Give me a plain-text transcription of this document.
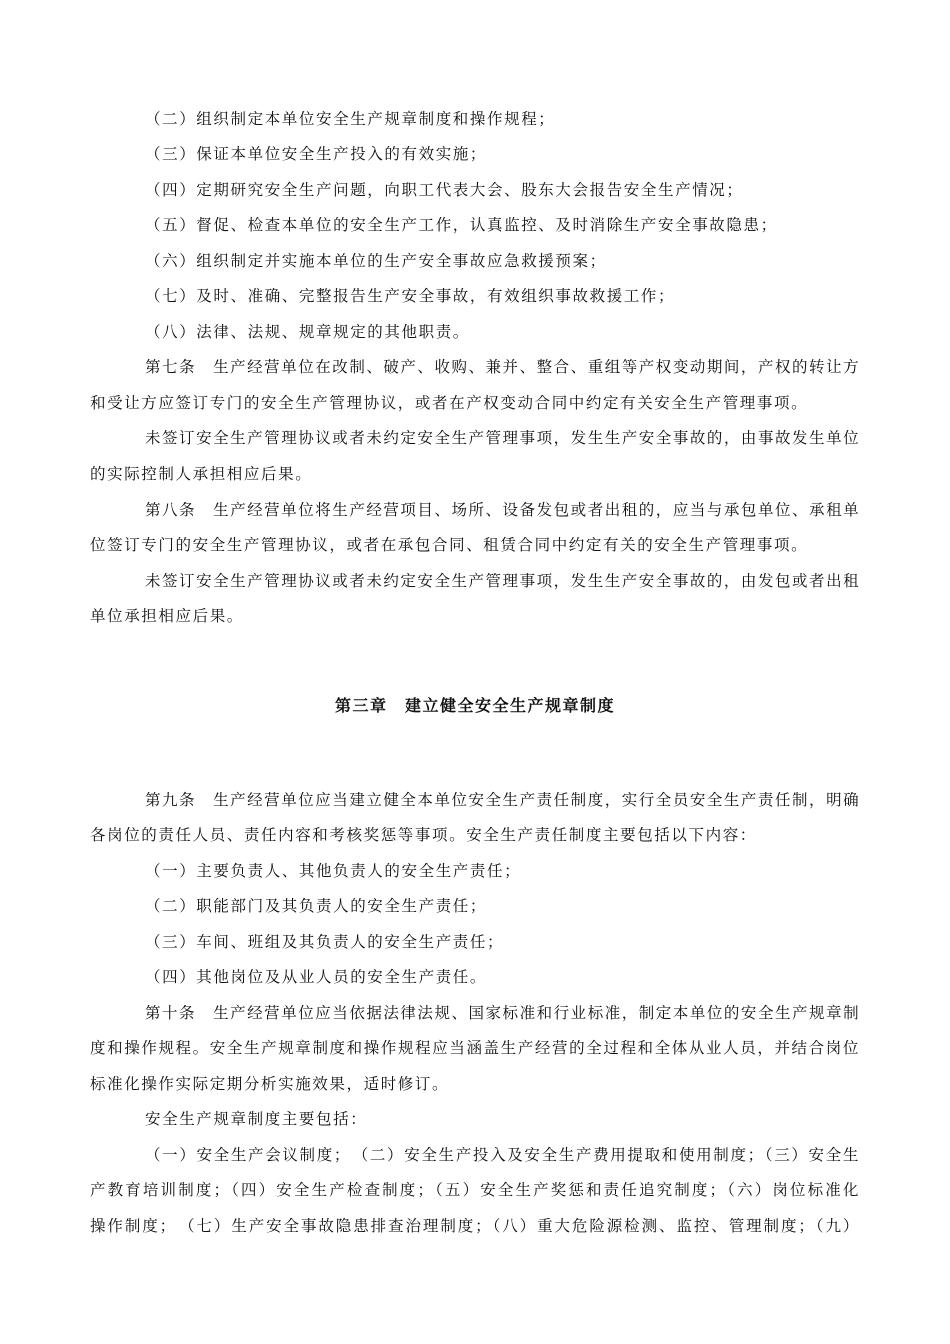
（二）组织制定本单位安全生产规章制度和操作规程；
（三）保证本单位安全生产投入的有效实施；
（四）定期研究安全生产问题，向职工代表大会、股东大会报告安全生产情况；
（五）督促、检查本单位的安全生产工作，认真监控、及时消除生产安全事故隐患；
（六）组织制定并实施本单位的生产安全事故应急救援预案；
（七）及时、准确、完整报告生产安全事故，有效组织事故救援工作；
（八）法律、法规、规章规定的其他职责。
第七条　生产经营单位在改制、破产、收购、兼并、整合、重组等产权变动期间，产权的转让方
和受让方应签订专门的安全生产管理协议，或者在产权变动合同中约定有关安全生产管理事项。
未签订安全生产管理协议或者未约定安全生产管理事项，发生生产安全事故的，由事故发生单位
的实际控制人承担相应后果。
第八条　生产经营单位将生产经营项目、场所、设备发包或者出租的，应当与承包单位、承租单
位签订专门的安全生产管理协议，或者在承包合同、租赁合同中约定有关的安全生产管理事项。
未签订安全生产管理协议或者未约定安全生产管理事项，发生生产安全事故的，由发包或者出租
单位承担相应后果。
第三章　建立健全安全生产规章制度
第九条　生产经营单位应当建立健全本单位安全生产责任制度，实行全员安全生产责任制，明确
各岗位的责任人员、责任内容和考核奖惩等事项。安全生产责任制度主要包括以下内容：
（一）主要负责人、其他负责人的安全生产责任；
（二）职能部门及其负责人的安全生产责任；
（三）车间、班组及其负责人的安全生产责任；
（四）其他岗位及从业人员的安全生产责任。
第十条　生产经营单位应当依据法律法规、国家标准和行业标准，制定本单位的安全生产规章制
度和操作规程。安全生产规章制度和操作规程应当涵盖生产经营的全过程和全体从业人员，并结合岗位
标准化操作实际定期分析实施效果，适时修订。
安全生产规章制度主要包括：
（一）安全生产会议制度；　（二）安全生产投入及安全生产费用提取和使用制度；（三）安全生
产教育培训制度；（四）安全生产检查制度；（五）安全生产奖惩和责任追究制度；（六）岗位标准化
操作制度；　（七）生产安全事故隐患排查治理制度；（八）重大危险源检测、监控、管理制度；（九）
